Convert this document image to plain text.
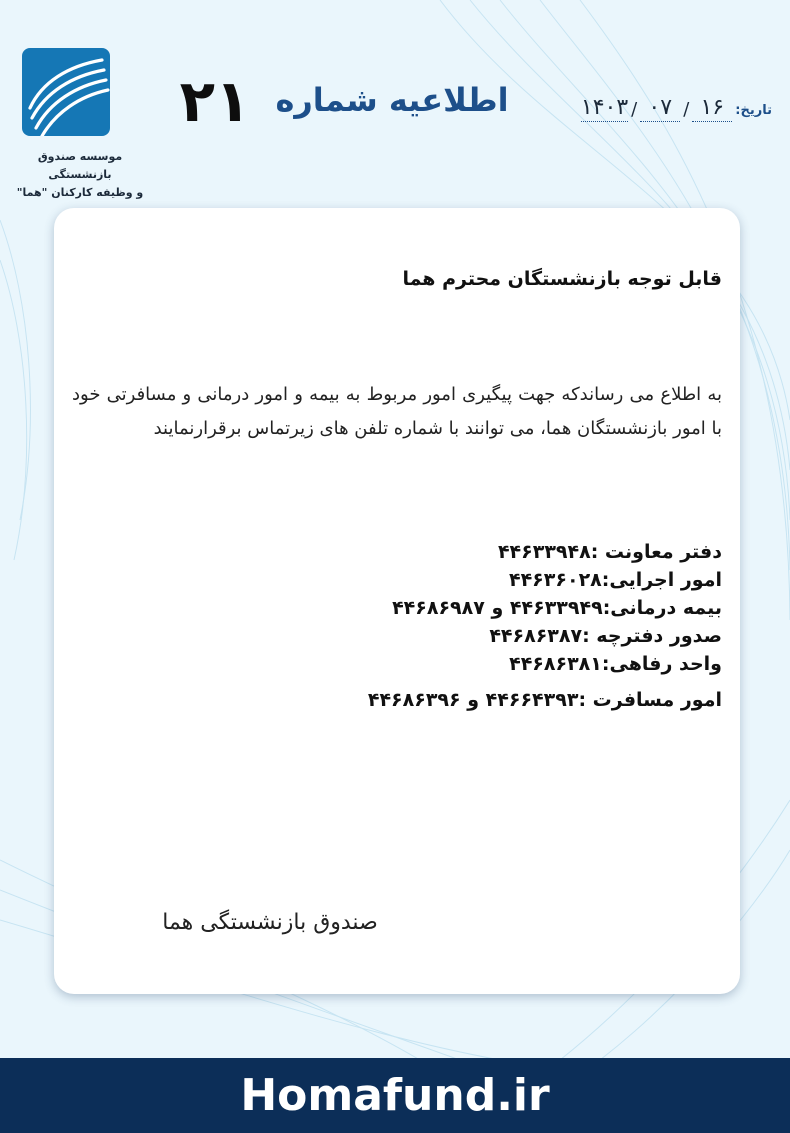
موسسه صندوق بازنشستگی
و وظیفه کارکنان "هما"
۲۱ اطلاعیه شماره	تاریخ:
۱۶
/
۰۷
/
۱۴۰۳
قابل توجه بازنشستگان محترم هما
به اطلاع می رساندکه جهت پیگیری امور مربوط به بیمه و امور درمانی و مسافرتی خود با امور بازنشستگان هما، می توانند با شماره تلفن های زیرتماس برقرارنمایند
دفتر معاونت :۴۴۶۳۳۹۴۸
امور اجرایی:۴۴۶۳۶۰۲۸
بیمه درمانی:۴۴۶۳۳۹۴۹ و ۴۴۶۸۶۹۸۷
صدور دفترچه :۴۴۶۸۶۳۸۷
واحد رفاهی:۴۴۶۸۶۳۸۱
امور مسافرت :۴۴۶۶۴۳۹۳ و ۴۴۶۸۶۳۹۶
صندوق بازنشستگی هما
Homafund.ir
